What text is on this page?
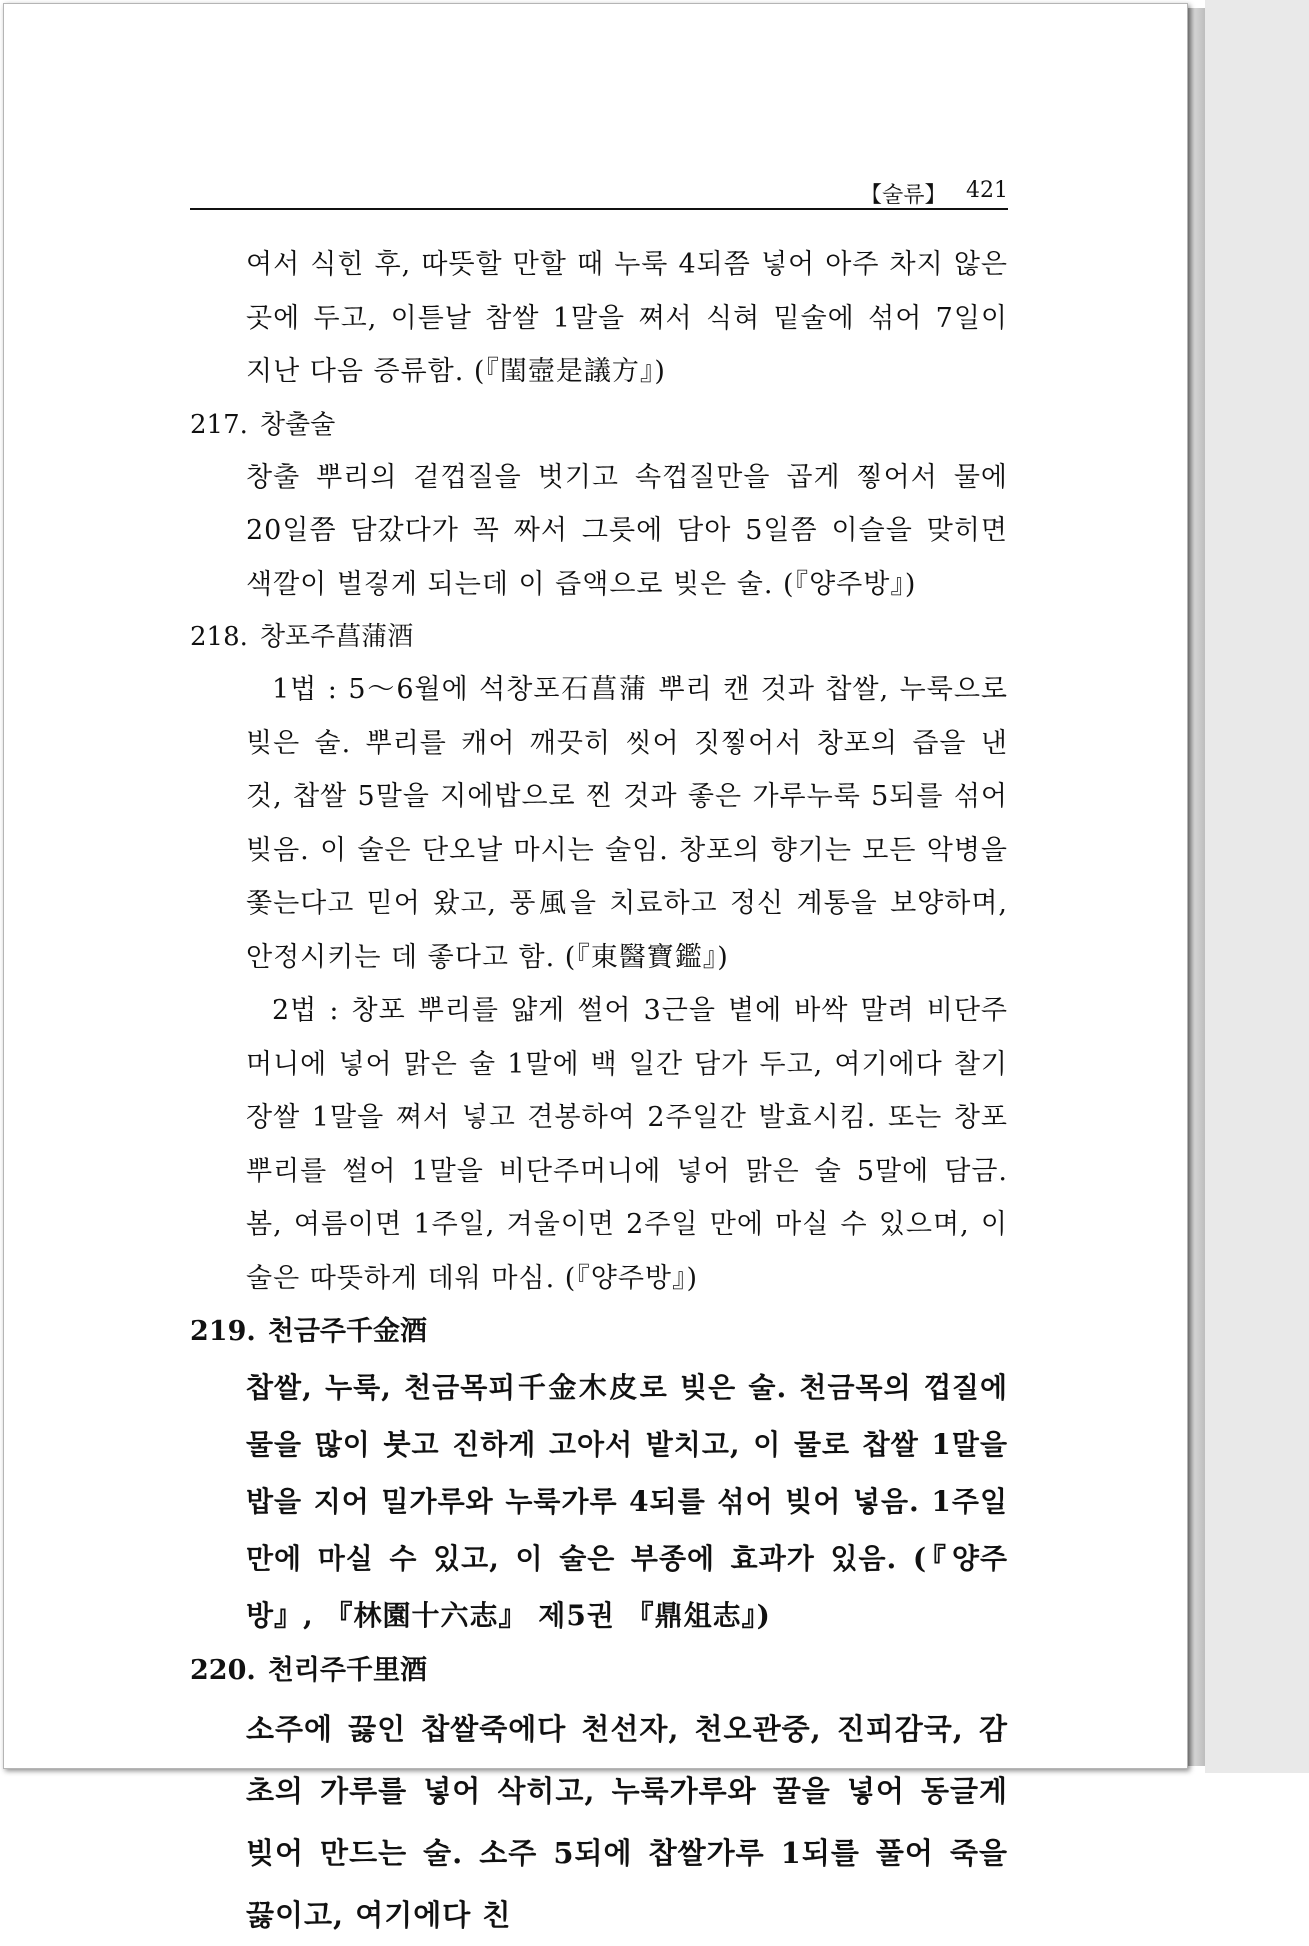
【술류】 421

여서 식힌 후, 따뜻할 만할 때 누룩 4되쯤 넣어 아주 차지 않은 곳에 두고, 이튿날 참쌀 1말을 쪄서 식혀 밑술에 섞어 7일이 지난 다음 증류함. (『閨壼是議方』)

217. 창출술

창출 뿌리의 겉껍질을 벗기고 속껍질만을 곱게 찧어서 물에 20일쯤 담갔다가 꼭 짜서 그릇에 담아 5일쯤 이슬을 맞히면 색깔이 벌겋게 되는데 이 즙액으로 빚은 술. (『양주방』)

218. 창포주菖蒲酒

1법 : 5～6월에 석창포石菖蒲 뿌리 캔 것과 찹쌀, 누룩으로 빚은 술. 뿌리를 캐어 깨끗히 씻어 짓찧어서 창포의 즙을 낸 것, 찹쌀 5말을 지에밥으로 찐 것과 좋은 가루누룩 5되를 섞어 빚음. 이 술은 단오날 마시는 술임. 창포의 향기는 모든 악병을 쫓는다고 믿어 왔고, 풍風을 치료하고 정신 계통을 보양하며, 안정시키는 데 좋다고 함. (『東醫寶鑑』)

2법 : 창포 뿌리를 얇게 썰어 3근을 볕에 바싹 말려 비단주머니에 넣어 맑은 술 1말에 백 일간 담가 두고, 여기에다 찰기장쌀 1말을 쪄서 넣고 견봉하여 2주일간 발효시킴. 또는 창포 뿌리를 썰어 1말을 비단주머니에 넣어 맑은 술 5말에 담금. 봄, 여름이면 1주일, 겨울이면 2주일 만에 마실 수 있으며, 이 술은 따뜻하게 데워 마심. (『양주방』)

219. 천금주千金酒

찹쌀, 누룩, 천금목피千金木皮로 빚은 술. 천금목의 껍질에 물을 많이 붓고 진하게 고아서 밭치고, 이 물로 찹쌀 1말을 밥을 지어 밀가루와 누룩가루 4되를 섞어 빚어 넣음. 1주일 만에 마실 수 있고, 이 술은 부종에 효과가 있음. (『양주방』, 『林園十六志』 제5권 『鼎俎志』)

220. 천리주千里酒

소주에 끓인 찹쌀죽에다 천선자, 천오관중, 진피감국, 감초의 가루를 넣어 삭히고, 누룩가루와 꿀을 넣어 동글게 빚어 만드는 술. 소주 5되에 찹쌀가루 1되를 풀어 죽을 끓이고, 여기에다 친
